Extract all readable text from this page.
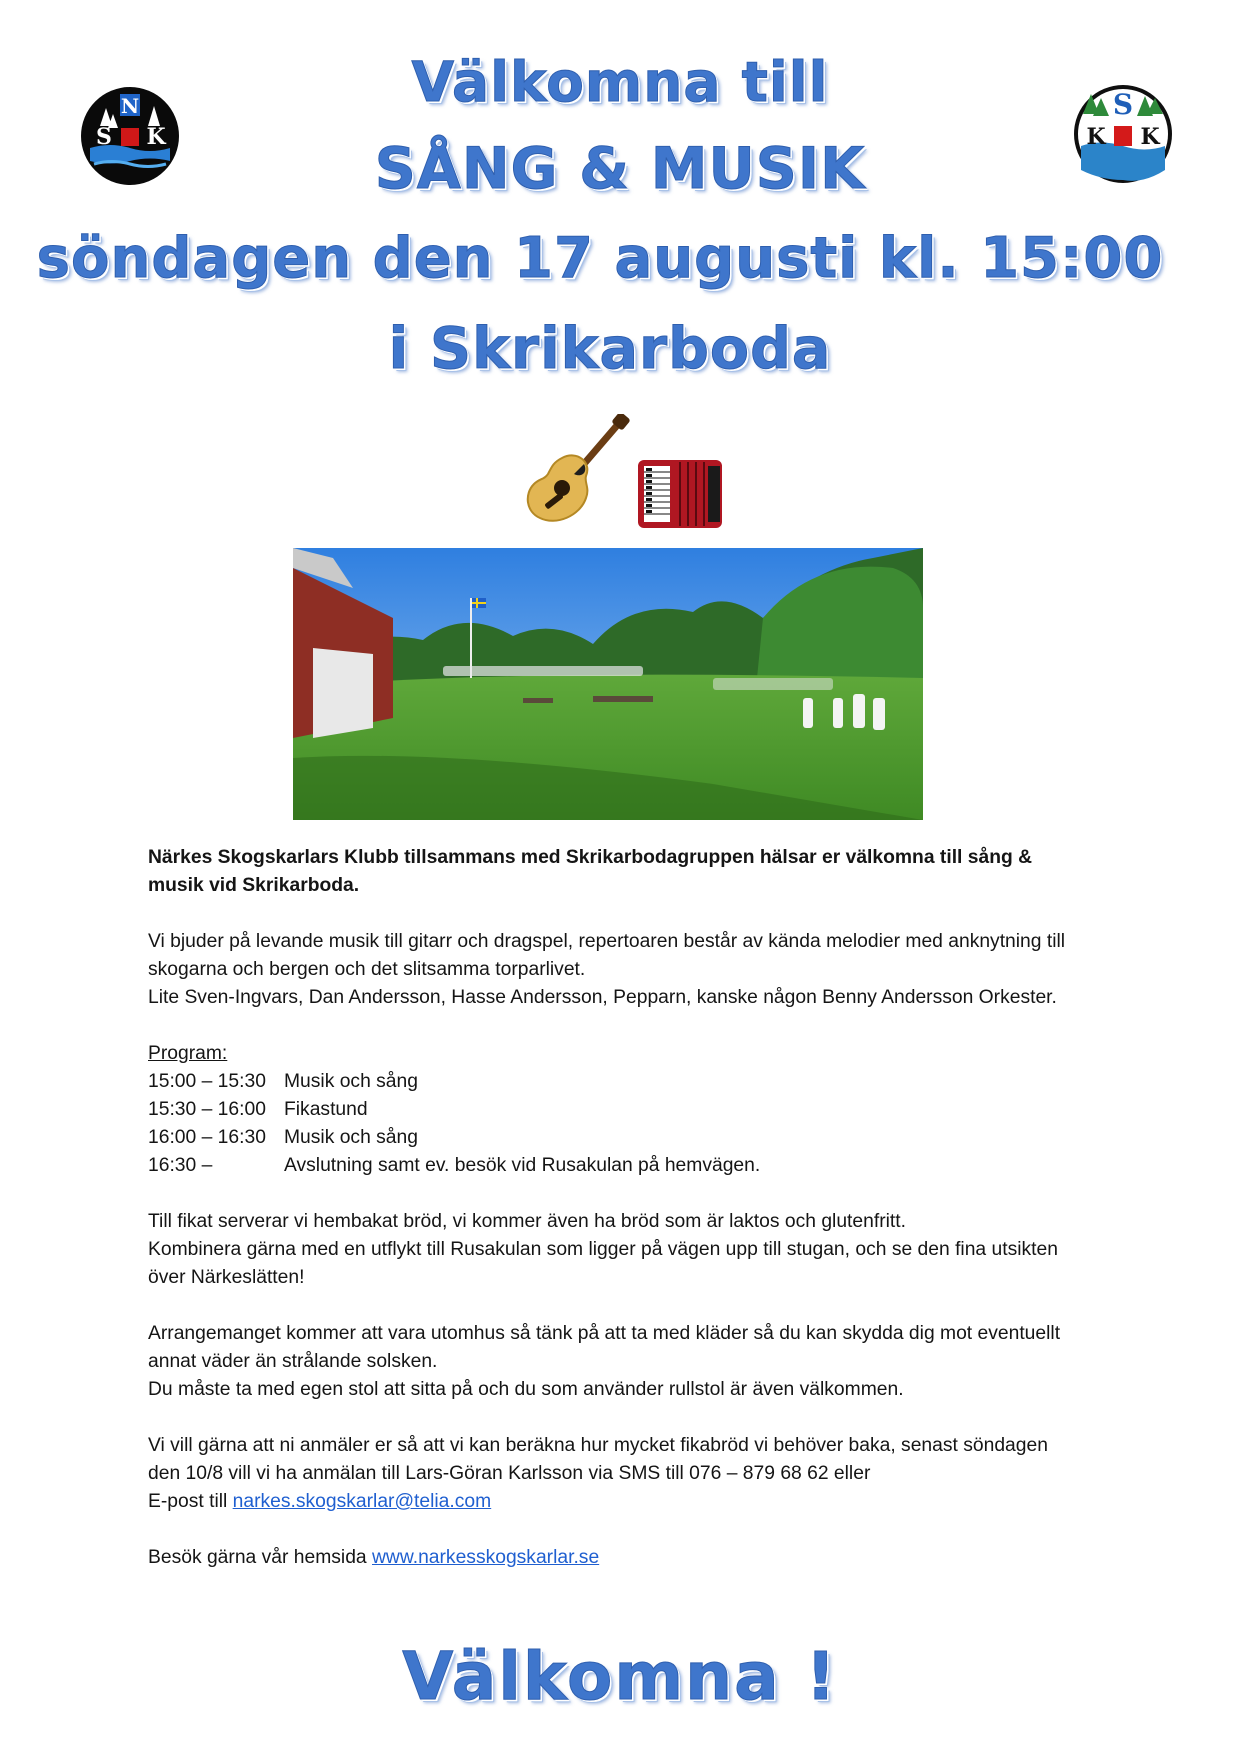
Välkomna till
SÅNG & MUSIK
söndagen den 17 augusti kl. 15:00
i Skrikarboda
N
S K
S
K K

Närkes Skogskarlars Klubb tillsammans med Skrikarbodagruppen hälsar er välkomna till sång & musik vid Skrikarboda.

Vi bjuder på levande musik till gitarr och dragspel, repertoaren består av kända melodier med anknytning till skogarna och bergen och det slitsamma torparlivet.

Lite Sven-Ingvars, Dan Andersson, Hasse Andersson, Pepparn, kanske någon Benny Andersson Orkester.

Program:

15:00 – 15:30 Musik och sång
15:30 – 16:00 Fikastund
16:00 – 16:30 Musik och sång
16:30 –	Avslutning samt ev. besök vid Rusakulan på hemvägen.

Till fikat serverar vi hembakat bröd, vi kommer även ha bröd som är laktos och glutenfritt.

Kombinera gärna med en utflykt till Rusakulan som ligger på vägen upp till stugan, och se den fina utsikten över Närkeslätten!

Arrangemanget kommer att vara utomhus så tänk på att ta med kläder så du kan skydda dig mot eventuellt annat väder än strålande solsken.

Du måste ta med egen stol att sitta på och du som använder rullstol är även välkommen.

Vi vill gärna att ni anmäler er så att vi kan beräkna hur mycket fikabröd vi behöver baka, senast söndagen den 10/8 vill vi ha anmälan till Lars-Göran Karlsson via SMS till 076 – 879 68 62 eller

E-post till narkes.skogskarlar@telia.com

Besök gärna vår hemsida www.narkesskogskarlar.se

Välkomna !
